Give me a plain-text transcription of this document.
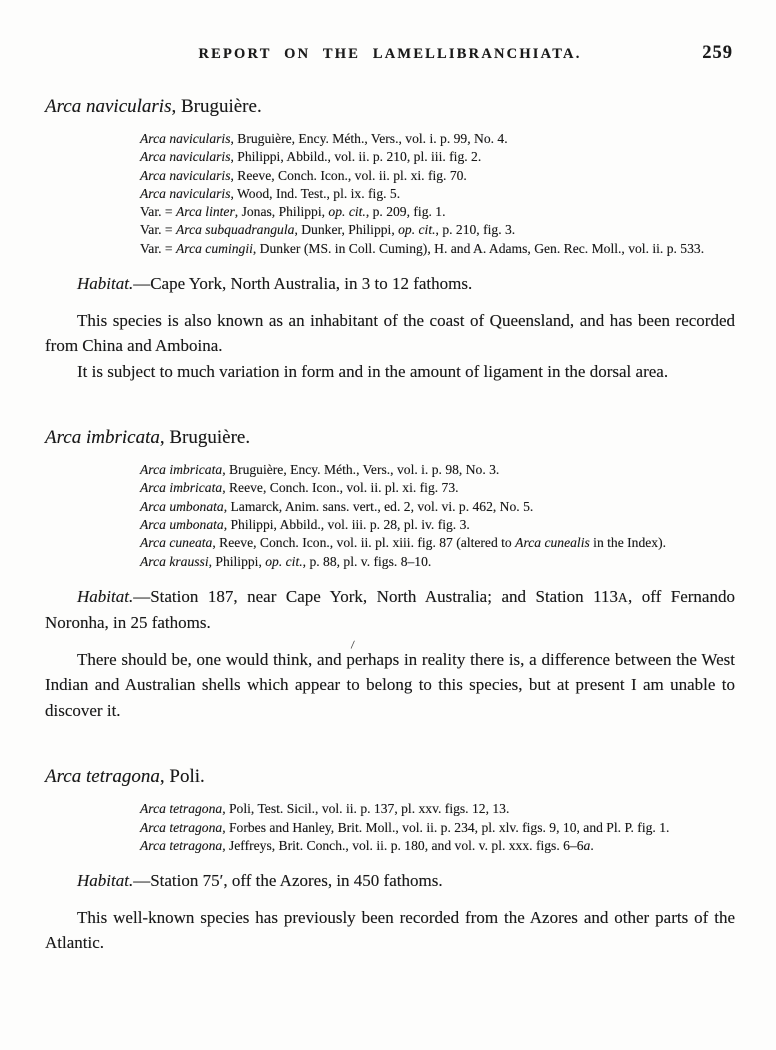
REPORT ON THE LAMELLIBRANCHIATA.	259
Arca navicularis, Bruguière.

Arca navicularis, Bruguière, Ency. Méth., Vers., vol. i. p. 99, No. 4.

Arca navicularis, Philippi, Abbild., vol. ii. p. 210, pl. iii. fig. 2.

Arca navicularis, Reeve, Conch. Icon., vol. ii. pl. xi. fig. 70.

Arca navicularis, Wood, Ind. Test., pl. ix. fig. 5.

Var. = Arca linter, Jonas, Philippi, op. cit., p. 209, fig. 1.

Var. = Arca subquadrangula, Dunker, Philippi, op. cit., p. 210, fig. 3.

Var. = Arca cumingii, Dunker (MS. in Coll. Cuming), H. and A. Adams, Gen. Rec. Moll., vol. ii. p. 533.

Habitat.—Cape York, North Australia, in 3 to 12 fathoms.

This species is also known as an inhabitant of the coast of Queensland, and has been recorded from China and Amboina.

It is subject to much variation in form and in the amount of ligament in the dorsal area.

Arca imbricata, Bruguière.

Arca imbricata, Bruguière, Ency. Méth., Vers., vol. i. p. 98, No. 3.

Arca imbricata, Reeve, Conch. Icon., vol. ii. pl. xi. fig. 73.

Arca umbonata, Lamarck, Anim. sans. vert., ed. 2, vol. vi. p. 462, No. 5.

Arca umbonata, Philippi, Abbild., vol. iii. p. 28, pl. iv. fig. 3.

Arca cuneata, Reeve, Conch. Icon., vol. ii. pl. xiii. fig. 87 (altered to Arca cunealis in the Index).

Arca kraussi, Philippi, op. cit., p. 88, pl. v. figs. 8–10.

Habitat.—Station 187, near Cape York, North Australia; and Station 113A, off Fernando Noronha, in 25 fathoms.

There should be, one would think, and perhaps in reality there is, a difference between the West Indian and Australian shells which appear to belong to this species, but at present I am unable to discover it.

Arca tetragona, Poli.

Arca tetragona, Poli, Test. Sicil., vol. ii. p. 137, pl. xxv. figs. 12, 13.

Arca tetragona, Forbes and Hanley, Brit. Moll., vol. ii. p. 234, pl. xlv. figs. 9, 10, and Pl. P. fig. 1.

Arca tetragona, Jeffreys, Brit. Conch., vol. ii. p. 180, and vol. v. pl. xxx. figs. 6–6a.

Habitat.—Station 75′, off the Azores, in 450 fathoms.

This well-known species has previously been recorded from the Azores and other parts of the Atlantic.
